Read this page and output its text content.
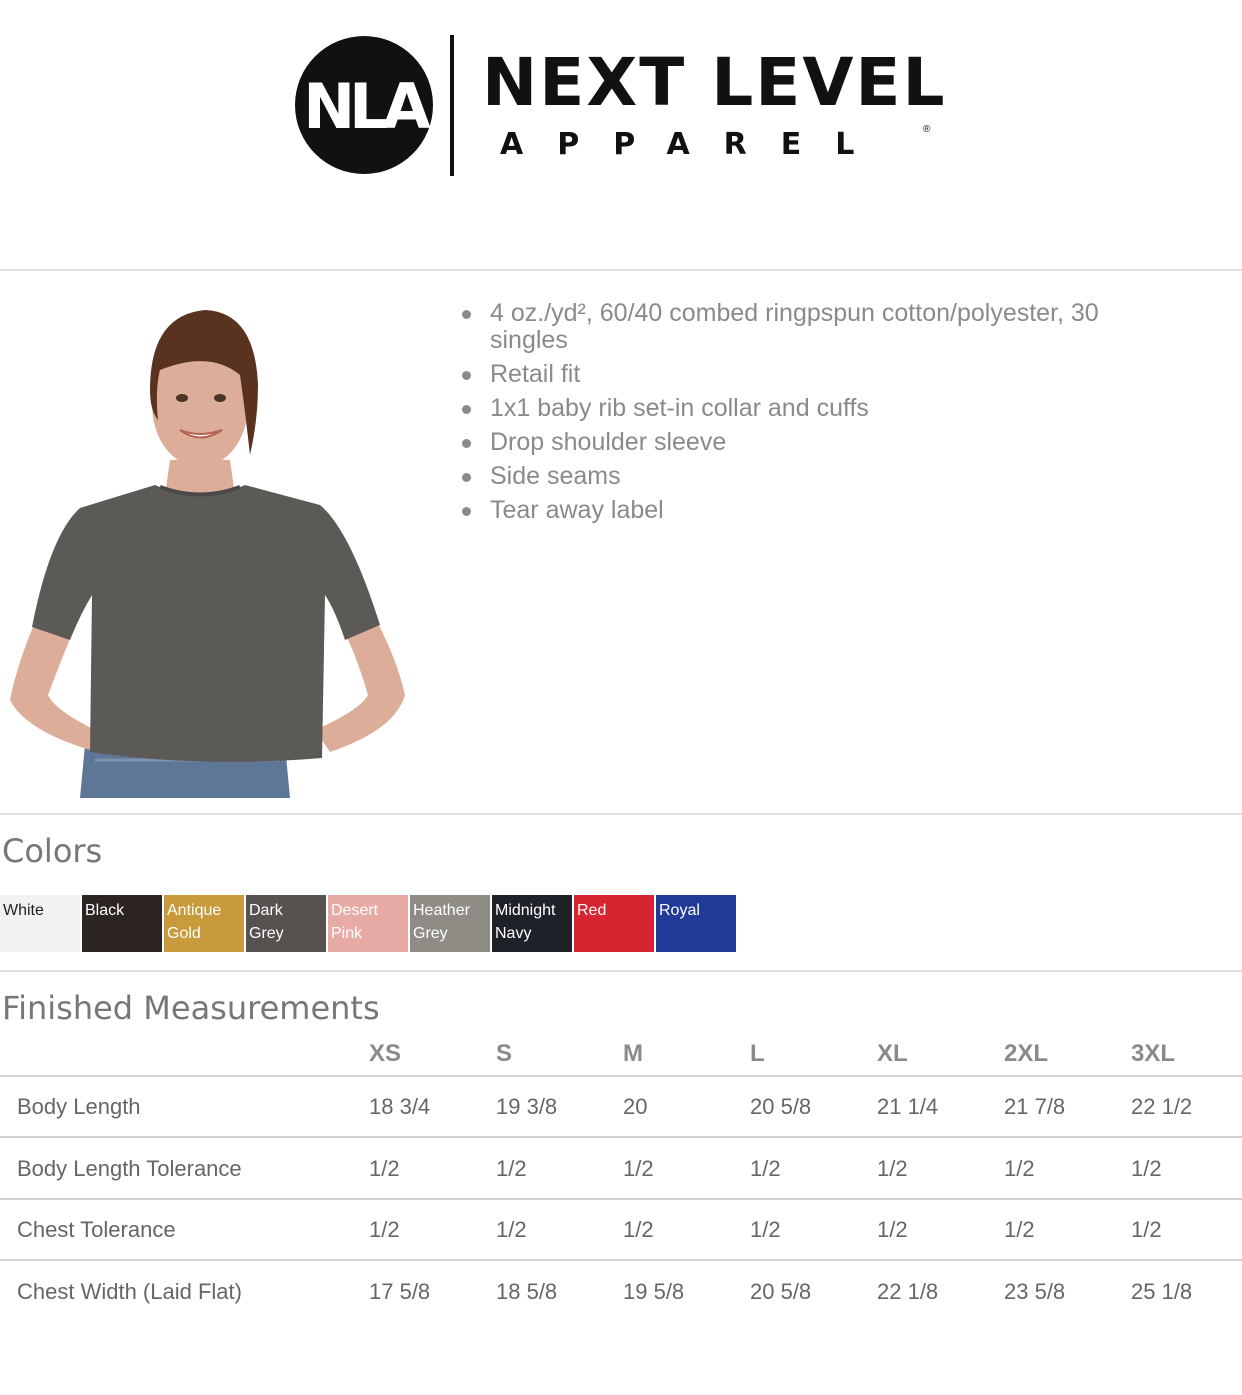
NLA NEXT LEVEL
APPAREL	®
4 oz./yd², 60/40 combed ringpspun cotton/polyester, 30 singles
Retail fit
1x1 baby rib set-in collar and cuffs
Drop shoulder sleeve
Side seams
Tear away label
Colors
White	Black	Antique
Gold
Dark
Grey
Desert
Pink
Heather
Grey
Midnight
Navy
Red	Royal
Finished Measurements
XS	S	M	L	XL	2XL	3XL
Body Length	18 3/4	19 3/8	20	20 5/8	21 1/4	21 7/8	22 1/2
Body Length Tolerance	1/2	1/2	1/2	1/2	1/2	1/2	1/2
Chest Tolerance	1/2	1/2	1/2	1/2	1/2	1/2	1/2
Chest Width (Laid Flat)	17 5/8	18 5/8	19 5/8	20 5/8	22 1/8	23 5/8	25 1/8
